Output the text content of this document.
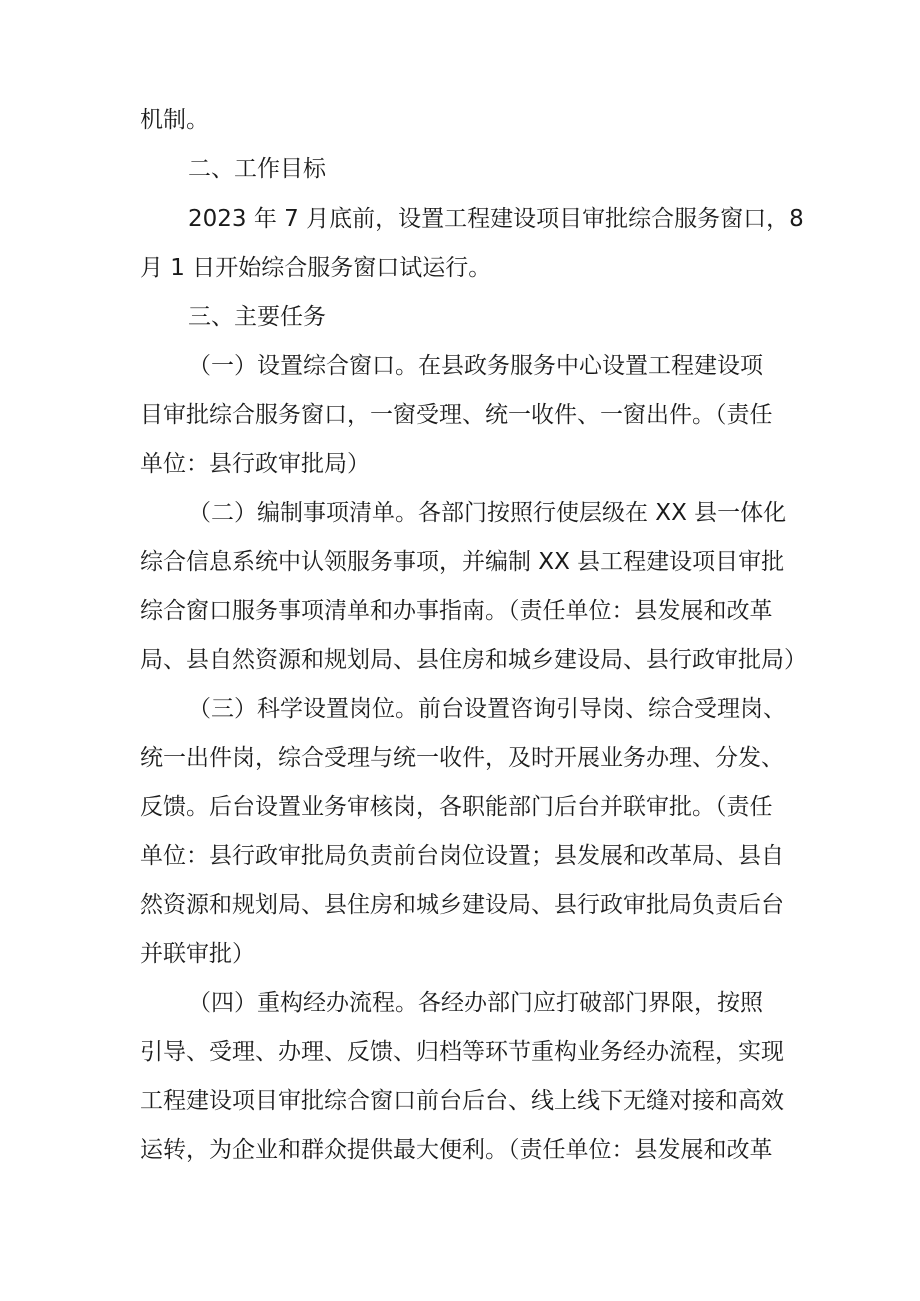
机制。
二、工作目标
2023 年 7 月底前，设置工程建设项目审批综合服务窗口，8
月 1 日开始综合服务窗口试运行。
三、主要任务
（一）设置综合窗口。在县政务服务中心设置工程建设项
目审批综合服务窗口，一窗受理、统一收件、一窗出件。（责任
单位：县行政审批局）
（二）编制事项清单。各部门按照行使层级在 XX 县一体化
综合信息系统中认领服务事项，并编制 XX 县工程建设项目审批
综合窗口服务事项清单和办事指南。（责任单位：县发展和改革
局、县自然资源和规划局、县住房和城乡建设局、县行政审批局）
（三）科学设置岗位。前台设置咨询引导岗、综合受理岗、
统一出件岗，综合受理与统一收件，及时开展业务办理、分发、
反馈。后台设置业务审核岗，各职能部门后台并联审批。（责任
单位：县行政审批局负责前台岗位设置；县发展和改革局、县自
然资源和规划局、县住房和城乡建设局、县行政审批局负责后台
并联审批）
（四）重构经办流程。各经办部门应打破部门界限，按照
引导、受理、办理、反馈、归档等环节重构业务经办流程，实现
工程建设项目审批综合窗口前台后台、线上线下无缝对接和高效
运转，为企业和群众提供最大便利。（责任单位：县发展和改革
